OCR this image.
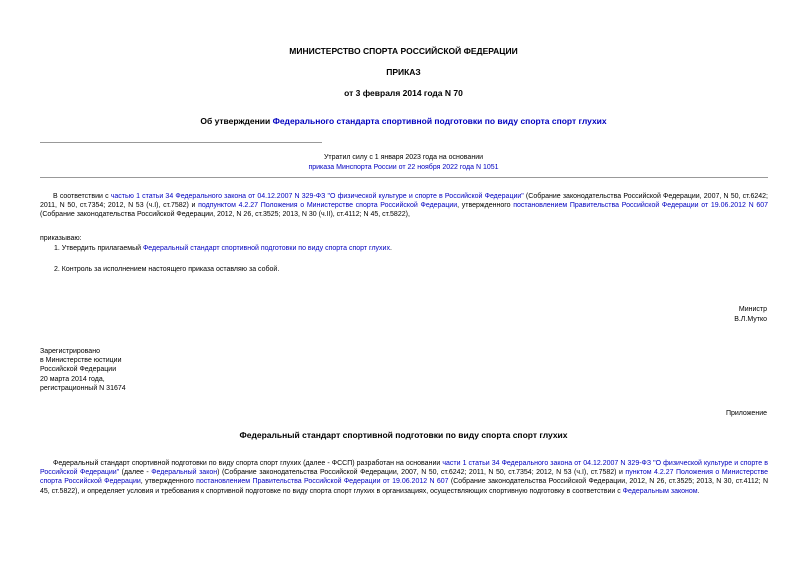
МИНИСТЕРСТВО СПОРТА РОССИЙСКОЙ ФЕДЕРАЦИИ
ПРИКАЗ
от 3 февраля 2014 года N 70
Об утверждении Федерального стандарта спортивной подготовки по виду спорта спорт глухих
Утратил силу с 1 января 2023 года на основании
приказа Минспорта России от 22 ноября 2022 года N 1051
В соответствии с частью 1 статьи 34 Федерального закона от 04.12.2007 N 329-ФЗ "О физической культуре и спорте в Российской Федерации" (Собрание законодательства Российской Федерации, 2007, N 50, ст.6242; 2011, N 50, ст.7354; 2012, N 53 (ч.I), ст.7582) и подпунктом 4.2.27 Положения о Министерстве спорта Российской Федерации, утвержденного постановлением Правительства Российской Федерации от 19.06.2012 N 607 (Собрание законодательства Российской Федерации, 2012, N 26, ст.3525; 2013, N 30 (ч.II), ст.4112; N 45, ст.5822),
приказываю:
1. Утвердить прилагаемый Федеральный стандарт спортивной подготовки по виду спорта спорт глухих.
2. Контроль за исполнением настоящего приказа оставляю за собой.
Министр
В.Л.Мутко
Зарегистрировано
в Министерстве юстиции
Российской Федерации
20 марта 2014 года,
регистрационный N 31674
Приложение
Федеральный стандарт спортивной подготовки по виду спорта спорт глухих
Федеральный стандарт спортивной подготовки по виду спорта спорт глухих (далее - ФССП) разработан на основании части 1 статьи 34 Федерального закона от 04.12.2007 N 329-ФЗ "О физической культуре и спорте в Российской Федерации" (далее - Федеральный закон) (Собрание законодательства Российской Федерации, 2007, N 50, ст.6242; 2011, N 50, ст.7354; 2012, N 53 (ч.I), ст.7582) и пунктом 4.2.27 Положения о Министерстве спорта Российской Федерации, утвержденного постановлением Правительства Российской Федерации от 19.06.2012 N 607 (Собрание законодательства Российской Федерации, 2012, N 26, ст.3525; 2013, N 30, ст.4112; N 45, ст.5822), и определяет условия и требования к спортивной подготовке по виду спорта спорт глухих в организациях, осуществляющих спортивную подготовку в соответствии с Федеральным законом.
